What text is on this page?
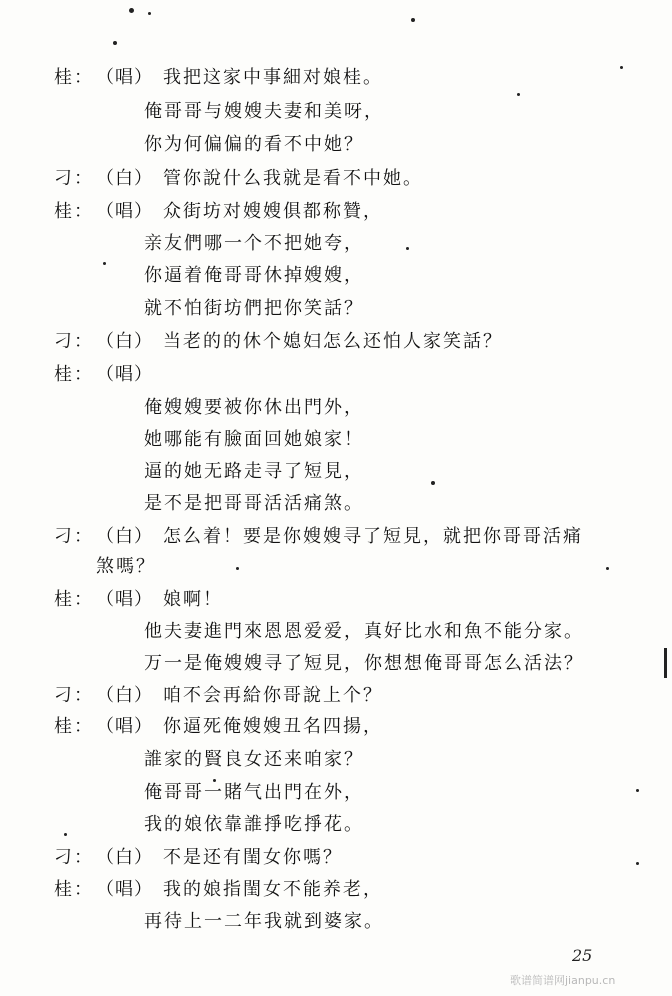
桂： （唱） 我把这家中事細对娘桂。
俺哥哥与嫂嫂夫妻和美呀，
你为何偏偏的看不中她？
刁： （白） 管你說什么我就是看不中她。
桂： （唱） 众街坊对嫂嫂俱都称贊，
亲友們哪一个不把她夸，
你逼着俺哥哥休掉嫂嫂，
就不怕街坊們把你笑話？
刁： （白） 当老的的休个媳妇怎么还怕人家笑話？
桂： （唱）
俺嫂嫂要被你休出門外，
她哪能有臉面回她娘家！
逼的她无路走寻了短見，
是不是把哥哥活活痛煞。
刁： （白） 怎么着！要是你嫂嫂寻了短見，就把你哥哥活痛
煞嗎？
桂： （唱） 娘啊！
他夫妻進門來恩恩爱爱，真好比水和魚不能分家。
万一是俺嫂嫂寻了短見，你想想俺哥哥怎么活法？
刁： （白） 咱不会再給你哥說上个？
桂： （唱） 你逼死俺嫂嫂丑名四揚，
誰家的賢良女还来咱家？
俺哥哥一賭气出門在外，
我的娘依靠誰掙吃掙花。
刁： （白） 不是还有閨女你嗎？
桂： （唱） 我的娘指閨女不能养老，
再待上一二年我就到婆家。
25
歌谱简谱网jianpu.cn
